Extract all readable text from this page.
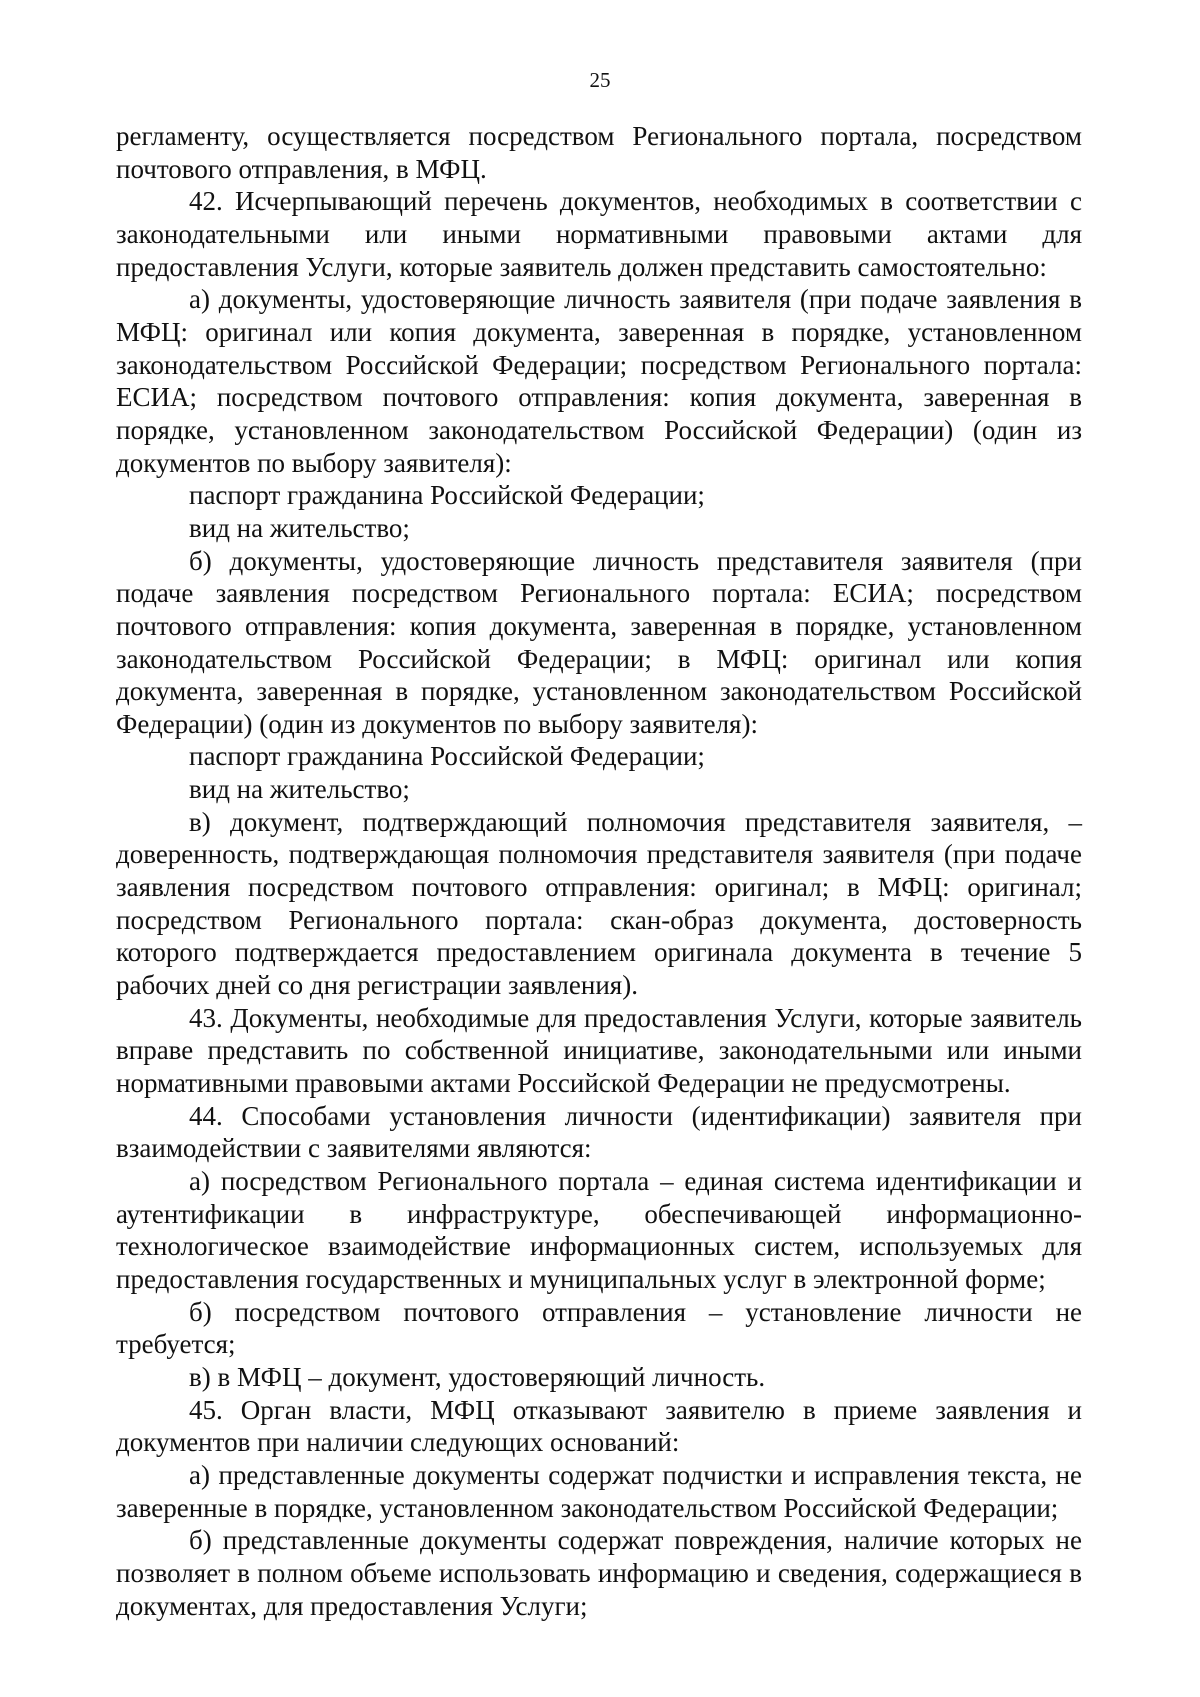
25

регламенту, осуществляется посредством Регионального портала, посредством почтового отправления, в МФЦ.

42. Исчерпывающий перечень документов, необходимых в соответствии с законодательными или иными нормативными правовыми актами для предоставления Услуги, которые заявитель должен представить самостоятельно:

а) документы, удостоверяющие личность заявителя (при подаче заявления в МФЦ: оригинал или копия документа, заверенная в порядке, установленном законодательством Российской Федерации; посредством Регионального портала: ЕСИА; посредством почтового отправления: копия документа, заверенная в порядке, установленном законодательством Российской Федерации) (один из документов по выбору заявителя):

паспорт гражданина Российской Федерации;

вид на жительство;

б) документы, удостоверяющие личность представителя заявителя (при подаче заявления посредством Регионального портала: ЕСИА; посредством почтового отправления: копия документа, заверенная в порядке, установленном законодательством Российской Федерации; в МФЦ: оригинал или копия документа, заверенная в порядке, установленном законодательством Российской Федерации) (один из документов по выбору заявителя):

паспорт гражданина Российской Федерации;

вид на жительство;

в) документ, подтверждающий полномочия представителя заявителя, – доверенность, подтверждающая полномочия представителя заявителя (при подаче заявления посредством почтового отправления: оригинал; в МФЦ: оригинал; посредством Регионального портала: скан-образ документа, достоверность которого подтверждается предоставлением оригинала документа в течение 5 рабочих дней со дня регистрации заявления).

43. Документы, необходимые для предоставления Услуги, которые заявитель вправе представить по собственной инициативе, законодательными или иными нормативными правовыми актами Российской Федерации не предусмотрены.

44. Способами установления личности (идентификации) заявителя при взаимодействии с заявителями являются:

а) посредством Регионального портала – единая система идентификации и аутентификации в инфраструктуре, обеспечивающей информационно-технологическое взаимодействие информационных систем, используемых для предоставления государственных и муниципальных услуг в электронной форме;

б) посредством почтового отправления – установление личности не требуется;

в) в МФЦ – документ, удостоверяющий личность.

45. Орган власти, МФЦ отказывают заявителю в приеме заявления и документов при наличии следующих оснований:

а) представленные документы содержат подчистки и исправления текста, не заверенные в порядке, установленном законодательством Российской Федерации;

б) представленные документы содержат повреждения, наличие которых не позволяет в полном объеме использовать информацию и сведения, содержащиеся в документах, для предоставления Услуги;
